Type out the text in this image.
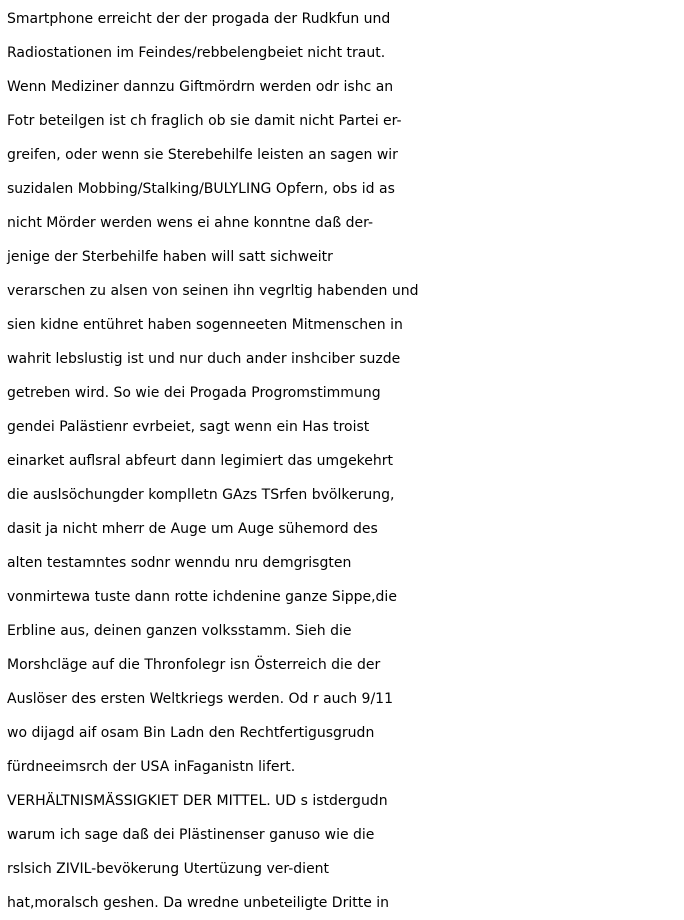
Smartphone erreicht der der progada der Rudkfun und
Radiostationen im Feindes/rebbelengbeiet nicht traut.
Wenn Mediziner dannzu Giftmördrn werden odr ishc an
Fotr beteilgen ist ch fraglich ob sie damit nicht Partei er-
greifen, oder wenn sie Sterebehilfe leisten an sagen wir
suzidalen Mobbing/Stalking/BULYLING Opfern, obs id as
nicht Mörder werden wens ei ahne konntne daß der-
jenige der Sterbehilfe haben will satt sichweitr
verarschen zu alsen von seinen ihn vegrltig habenden und
sien kidne entühret haben sogenneeten Mitmenschen in
wahrit lebslustig ist und nur duch ander inshciber suzde
getreben wird. So wie dei Progada Progromstimmung
gendei Palästienr evrbeiet, sagt wenn ein Has troist
einarket auflsral abfeurt dann legimiert das umgekehrt
die auslsöchungder komplletn GAzs TSrfen bvölkerung,
dasit ja nicht mherr de Auge um Auge sühemord des
alten testamntes sodnr wenndu nru demgrisgten
vonmirtewa tuste dann rotte ichdenine ganze Sippe,die
Erbline aus, deinen ganzen volksstamm. Sieh die
Morshcläge auf die Thronfolegr isn Österreich die der
Auslöser des ersten Weltkriegs werden. Od r auch 9/11
wo dijagd aif osam Bin Ladn den Rechtfertigusgrudn
fürdneeimsrch der USA inFaganistn lifert.
VERHÄLTNISMÄSSIGKIET DER MITTEL. UD s istdergudn
warum ich sage daß dei Plästinenser ganuso wie die
rslsich ZIVIL-bevökerung Utertüzung ver-dient
hat,moralsch geshen. Da wredne unbeteiligte Dritte in
